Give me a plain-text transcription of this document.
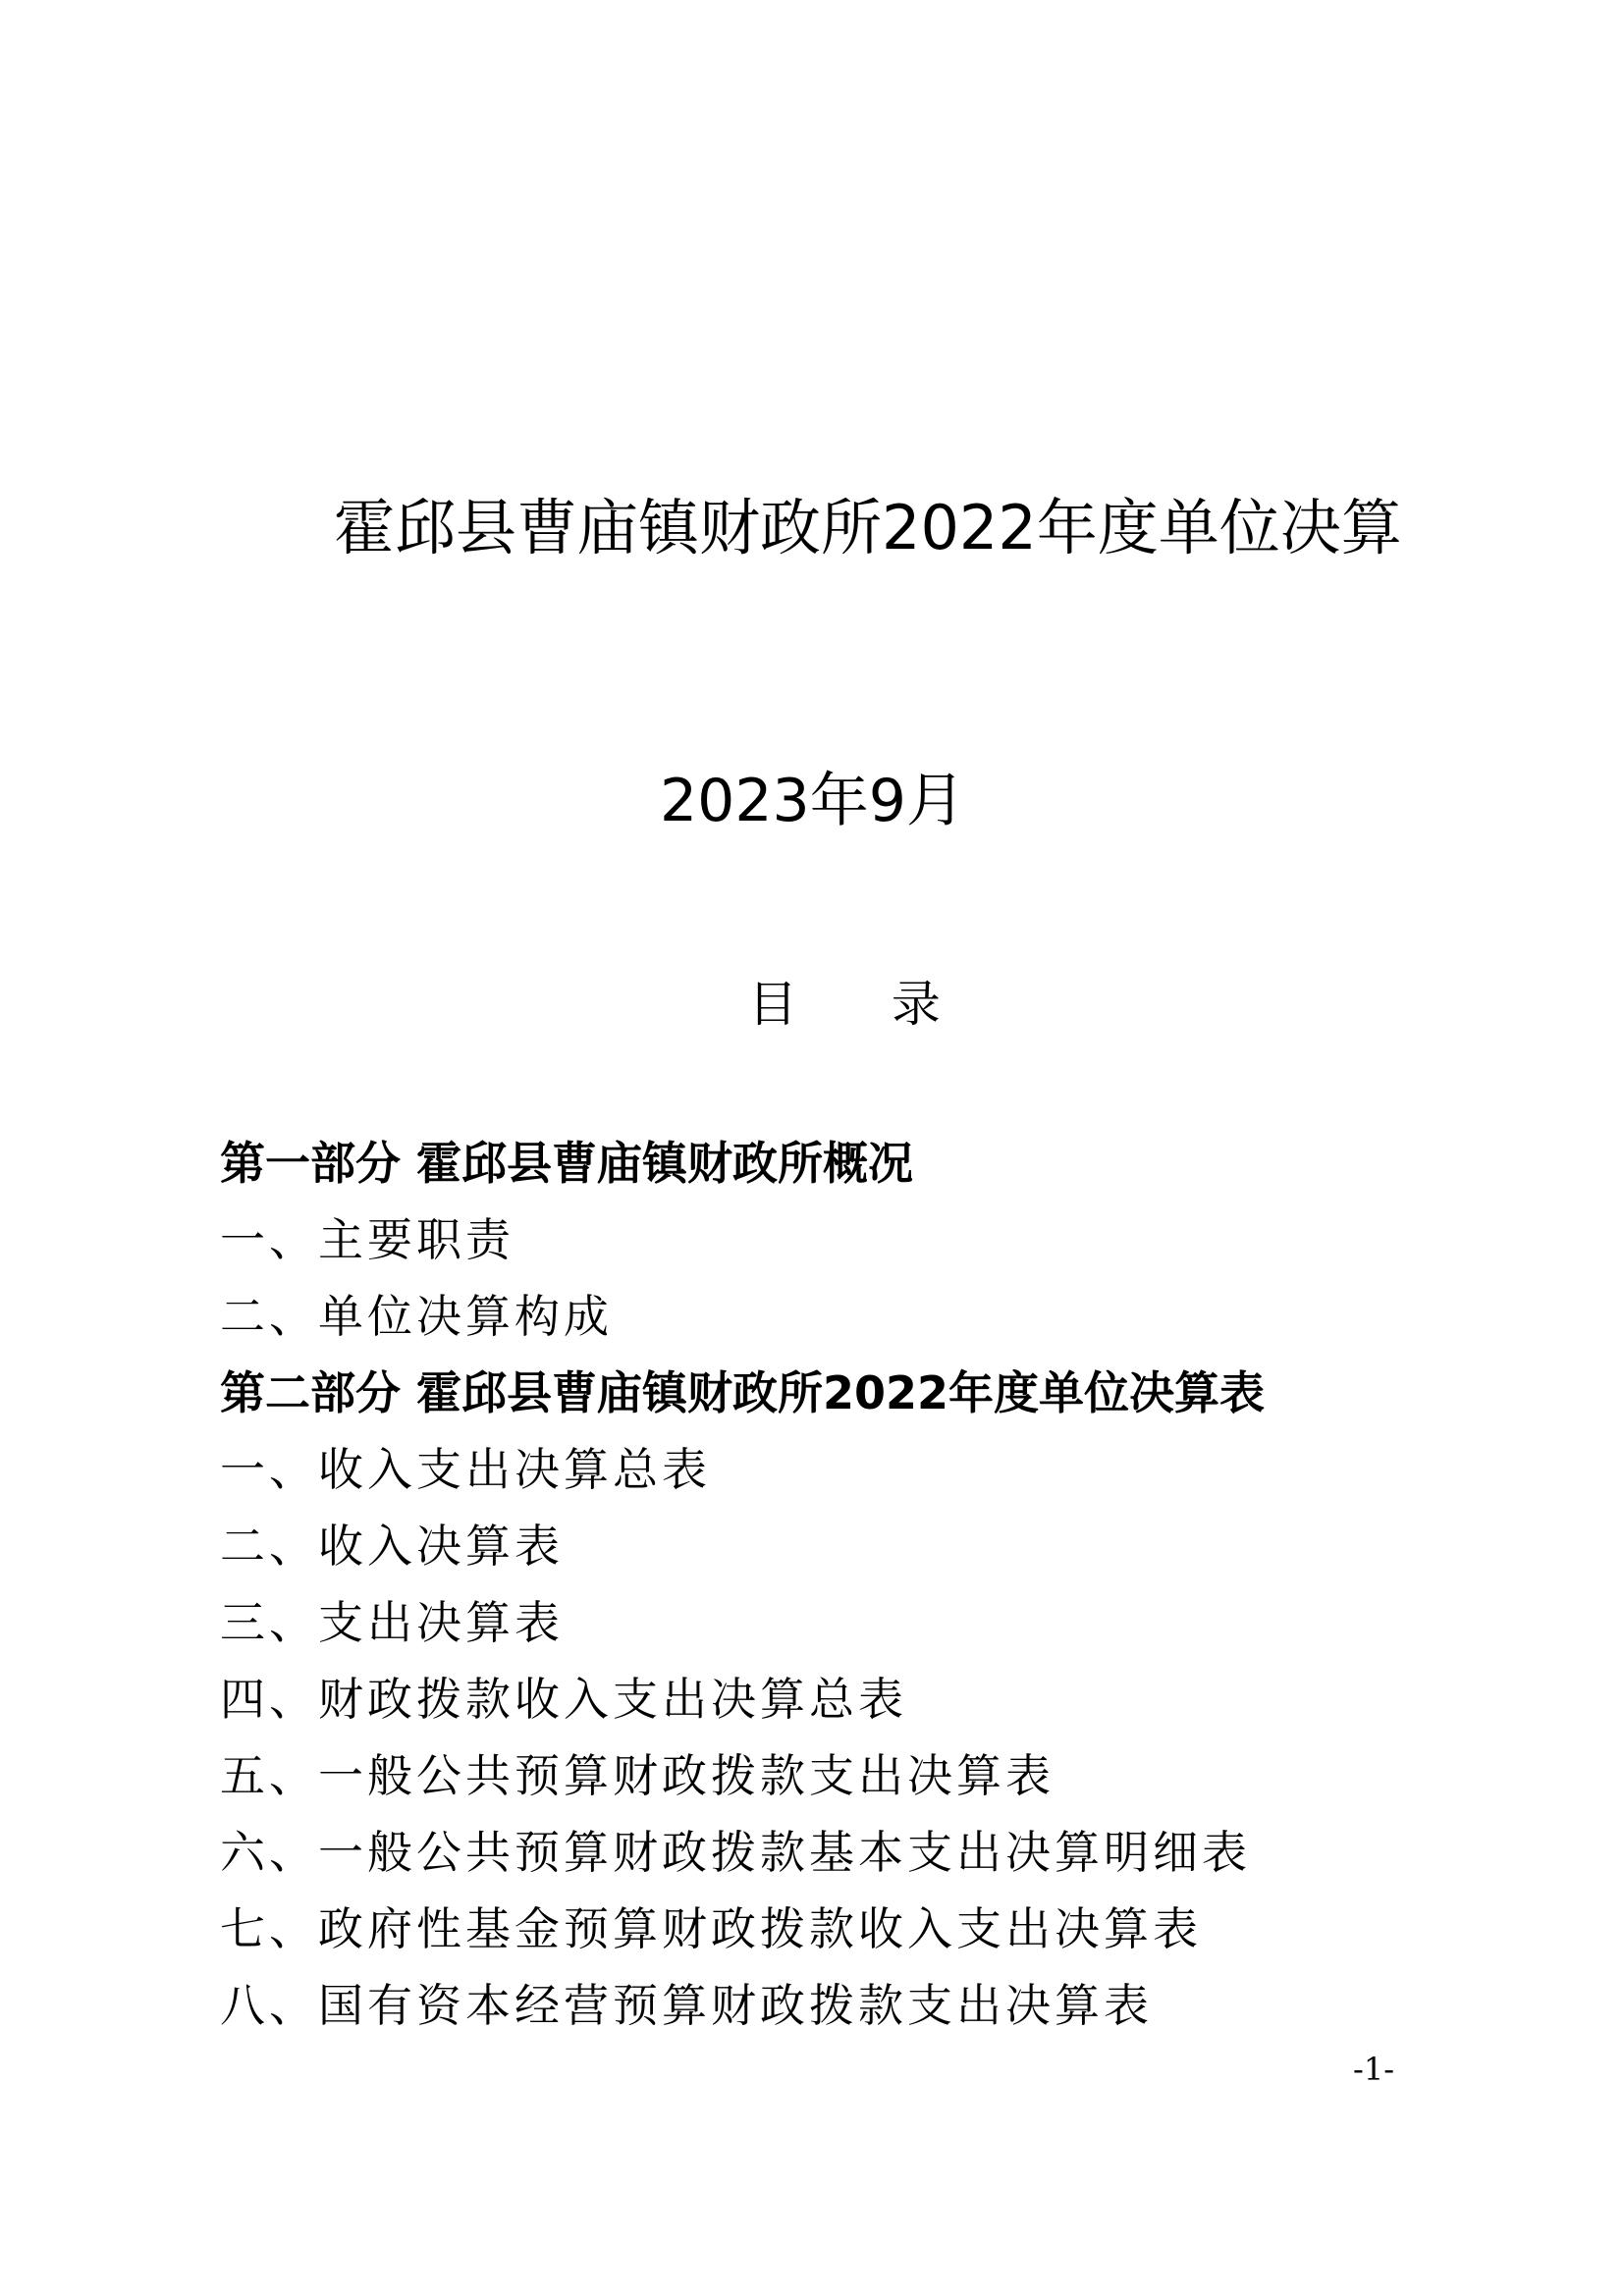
霍邱县曹庙镇财政所2022年度单位决算
2023年9月
目 录
第一部分 霍邱县曹庙镇财政所概况
一、主要职责
二、单位决算构成
第二部分 霍邱县曹庙镇财政所2022年度单位决算表
一、收入支出决算总表
二、收入决算表
三、支出决算表
四、财政拨款收入支出决算总表
五、一般公共预算财政拨款支出决算表
六、一般公共预算财政拨款基本支出决算明细表
七、政府性基金预算财政拨款收入支出决算表
八、国有资本经营预算财政拨款支出决算表
-1-
